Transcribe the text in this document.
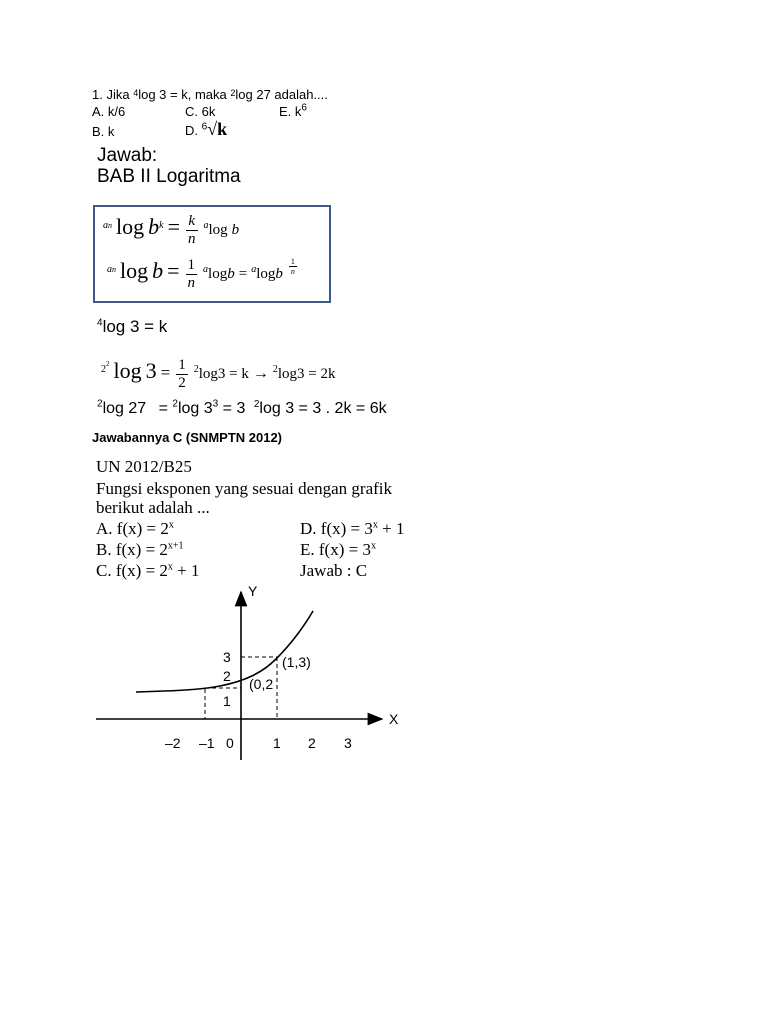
1. Jika $^4$log 3 = k, maka $^2$log 27 adalah....
A. k/6	C. 6k	E. $k^6$
B. k	D. $^6$√k
Jawab:
BAB II Logaritma
$^{an}$ $\log b^k = \frac{k}{n} ^a\log$ b
$^{an}$ $\log b = \frac{1}{n} ^a\log b = ^a\log b \frac{1}{n}$
$^4$log 3 = k
$^{22}$ $\log 3 = \frac{1}{2} ^2\log 3 = k \to ^2\log 3 = 2k$
$^2$log 27 = $^2$log $3^3 = 3$ $^2$log 3 = 3 . 2k = 6k
Jawabannya C (SNMPTN 2012)
UN 2012/B25
Fungsi eksponen yang sesuai dengan grafik
berikut adalah ...
A. $f(x) = 2^x$
B. $f(x) = 2^{x+1}$
C. $f(x) = 2^x + 1$
D. $f(x) = 3^x + 1$
E. $f(x) = 3^x$
Jawab : C
Y
X
–2 –1 0	1 2 3
3
2
1
(1,3)
(0,2
